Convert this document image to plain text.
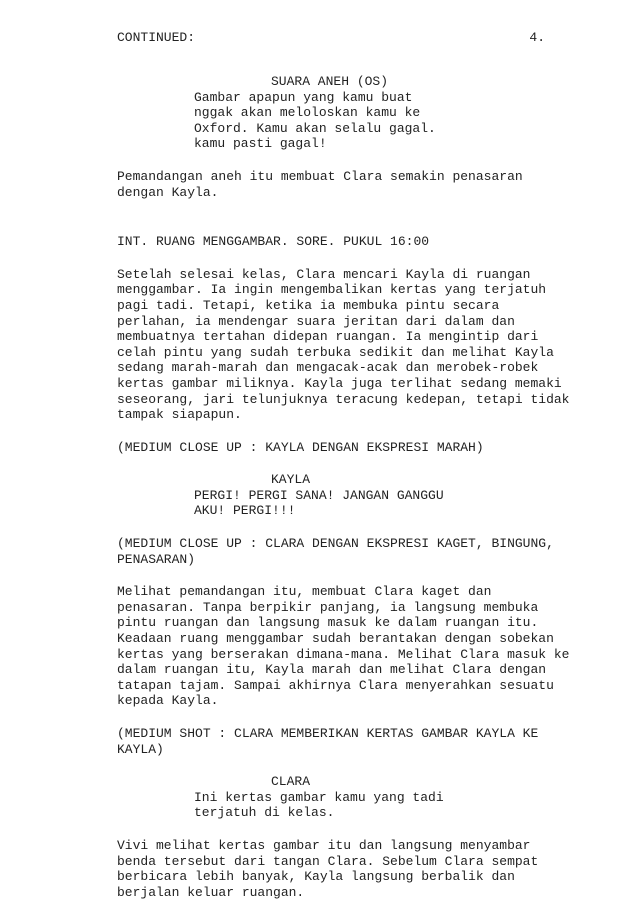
CONTINUED:	4.
SUARA ANEH (OS)
Gambar apapun yang kamu buat
nggak akan meloloskan kamu ke
Oxford. Kamu akan selalu gagal.
kamu pasti gagal!
Pemandangan aneh itu membuat Clara semakin penasaran
dengan Kayla.
INT. RUANG MENGGAMBAR. SORE. PUKUL 16:00
Setelah selesai kelas, Clara mencari Kayla di ruangan
menggambar. Ia ingin mengembalikan kertas yang terjatuh
pagi tadi. Tetapi, ketika ia membuka pintu secara
perlahan, ia mendengar suara jeritan dari dalam dan
membuatnya tertahan didepan ruangan. Ia mengintip dari
celah pintu yang sudah terbuka sedikit dan melihat Kayla
sedang marah-marah dan mengacak-acak dan merobek-robek
kertas gambar miliknya. Kayla juga terlihat sedang memaki
seseorang, jari telunjuknya teracung kedepan, tetapi tidak
tampak siapapun.
(MEDIUM CLOSE UP : KAYLA DENGAN EKSPRESI MARAH)
KAYLA
PERGI! PERGI SANA! JANGAN GANGGU
AKU! PERGI!!!
(MEDIUM CLOSE UP : CLARA DENGAN EKSPRESI KAGET, BINGUNG,
PENASARAN)
Melihat pemandangan itu, membuat Clara kaget dan
penasaran. Tanpa berpikir panjang, ia langsung membuka
pintu ruangan dan langsung masuk ke dalam ruangan itu.
Keadaan ruang menggambar sudah berantakan dengan sobekan
kertas yang berserakan dimana-mana. Melihat Clara masuk ke
dalam ruangan itu, Kayla marah dan melihat Clara dengan
tatapan tajam. Sampai akhirnya Clara menyerahkan sesuatu
kepada Kayla.
(MEDIUM SHOT : CLARA MEMBERIKAN KERTAS GAMBAR KAYLA KE
KAYLA)
CLARA
Ini kertas gambar kamu yang tadi
terjatuh di kelas.
Vivi melihat kertas gambar itu dan langsung menyambar
benda tersebut dari tangan Clara. Sebelum Clara sempat
berbicara lebih banyak, Kayla langsung berbalik dan
berjalan keluar ruangan.
